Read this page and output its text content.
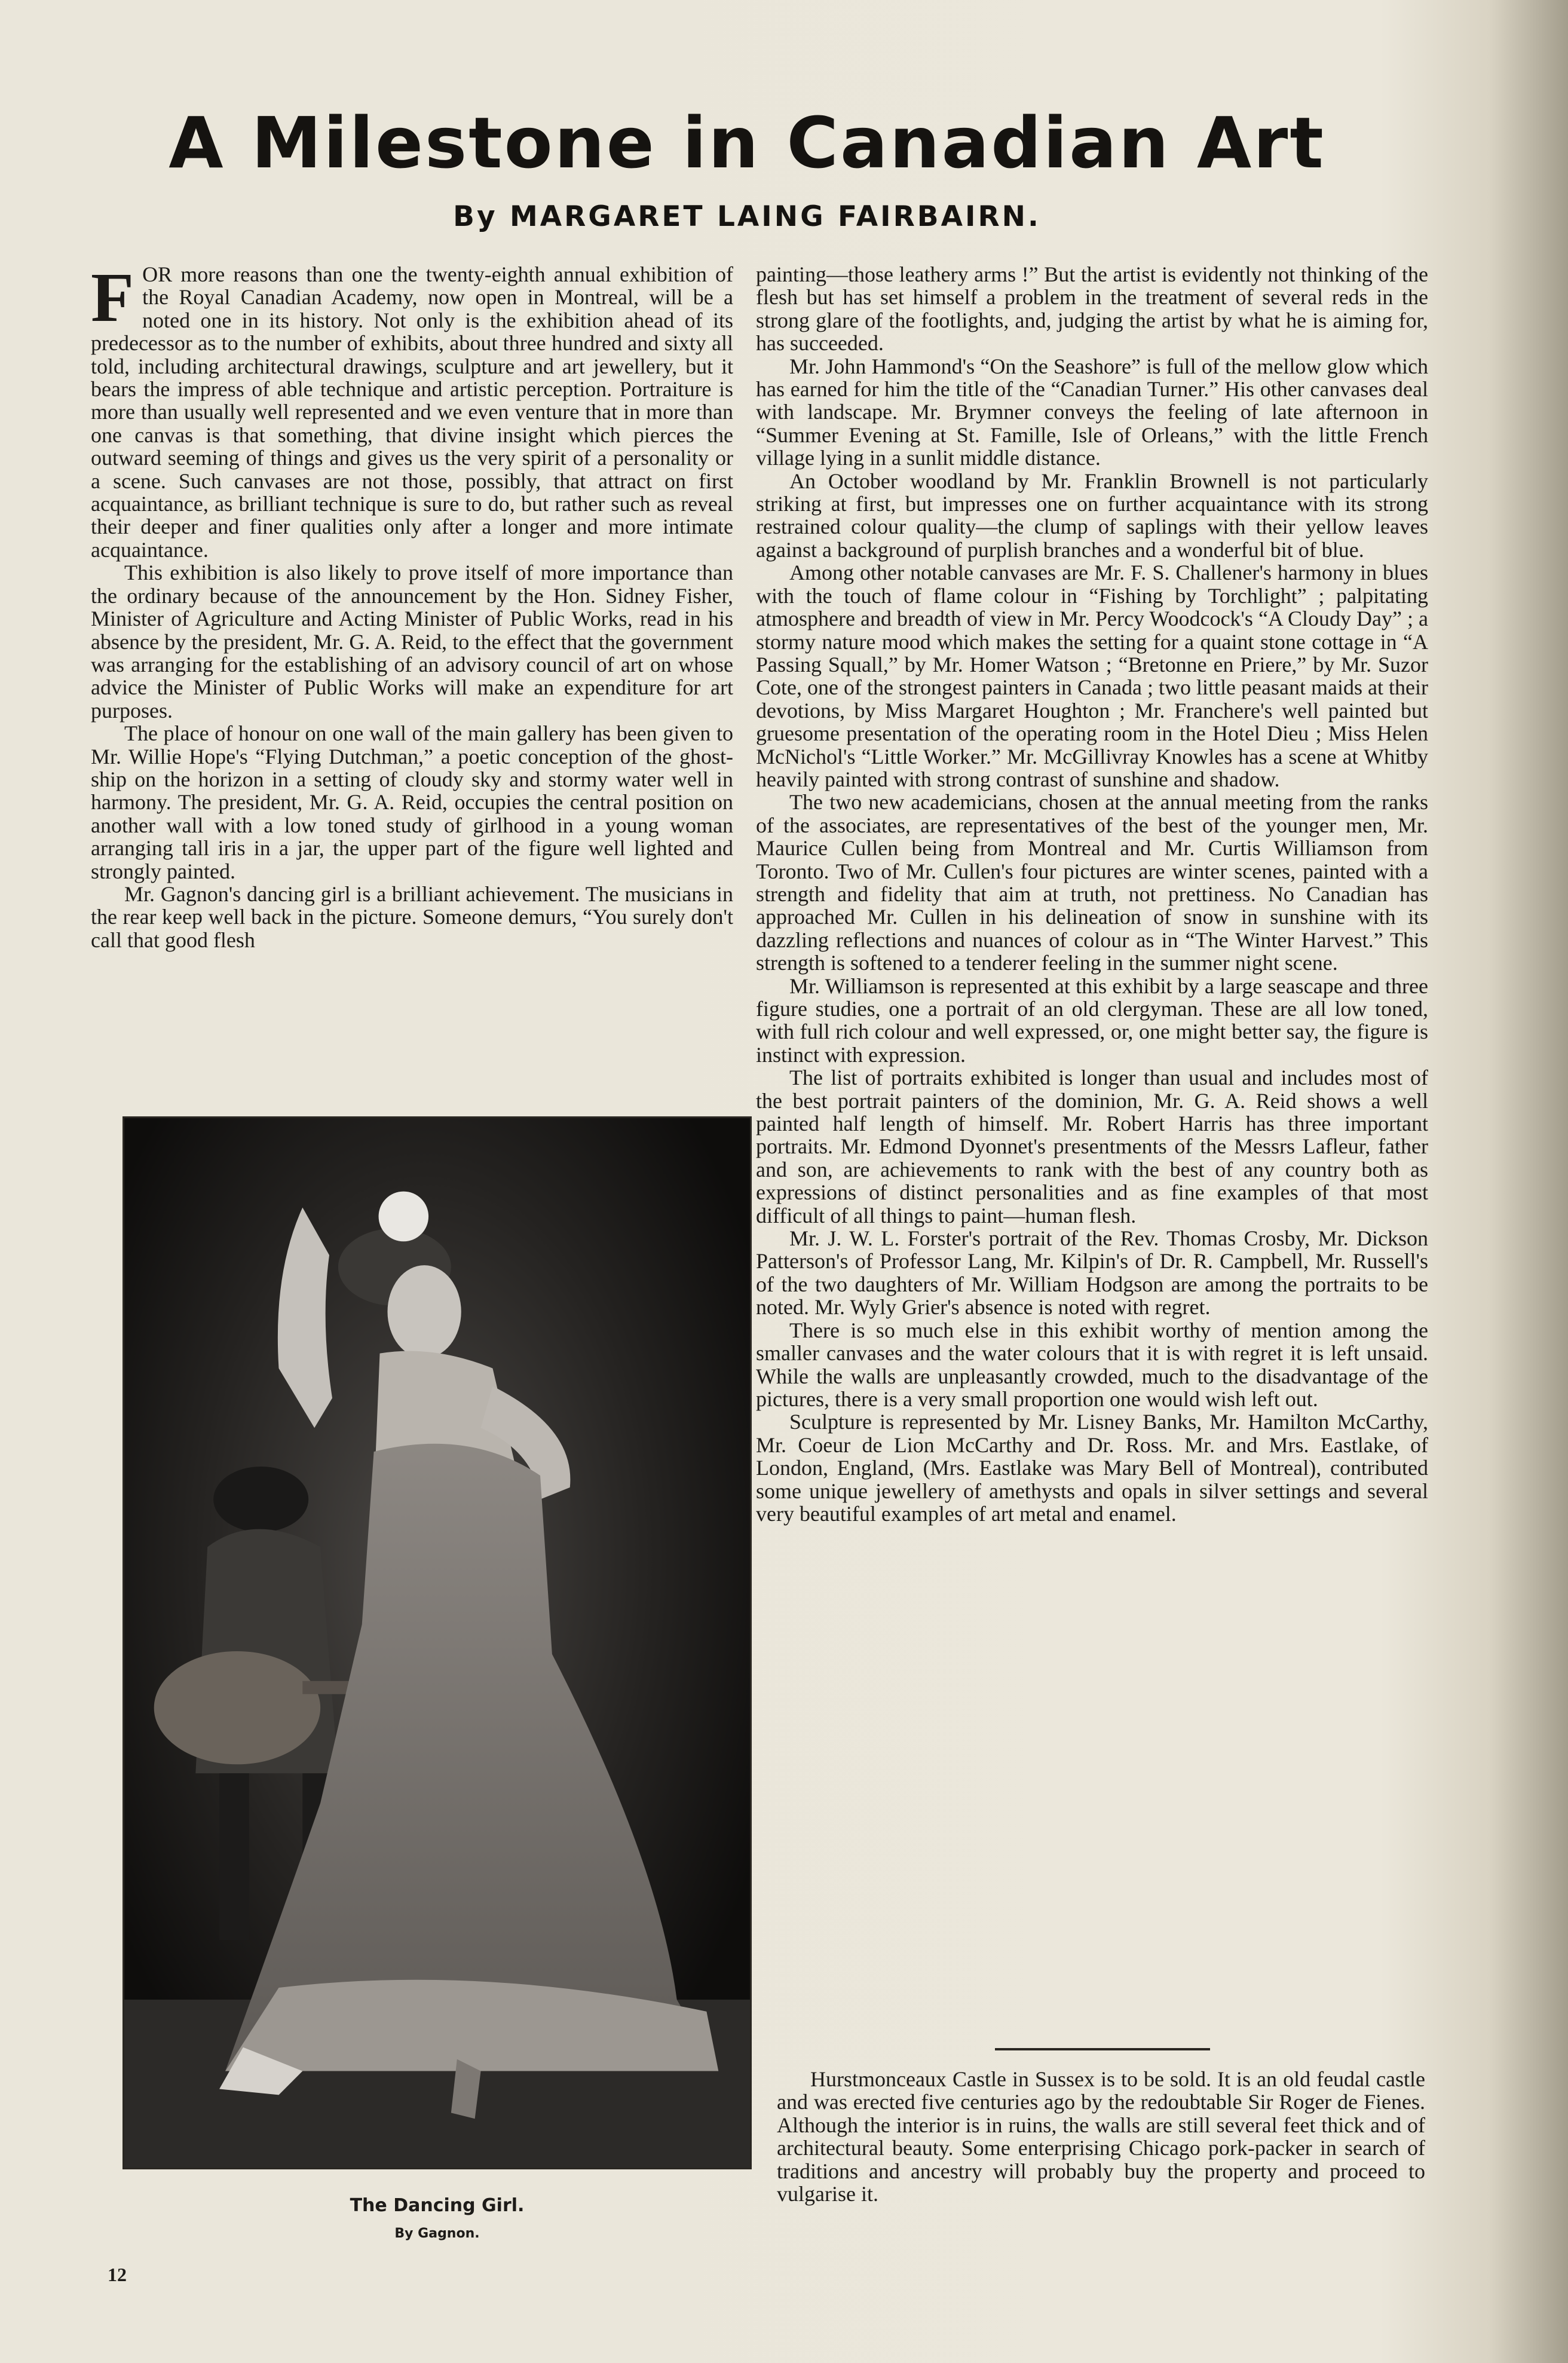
A Milestone in Canadian Art
By MARGARET LAING FAIRBAIRN.

FOR more reasons than one the twenty-eighth annual exhibition of the Royal Canadian Academy, now open in Montreal, will be a noted one in its history. Not only is the exhibition ahead of its predecessor as to the number of exhibits, about three hundred and sixty all told, including architectural drawings, sculpture and art jewellery, but it bears the impress of able technique and artistic perception. Portraiture is more than usually well represented and we even venture that in more than one canvas is that something, that divine insight which pierces the outward seeming of things and gives us the very spirit of a personality or a scene. Such canvases are not those, possibly, that attract on first acquaintance, as brilliant technique is sure to do, but rather such as reveal their deeper and finer qualities only after a longer and more intimate acquaintance.

This exhibition is also likely to prove itself of more importance than the ordinary because of the announcement by the Hon. Sidney Fisher, Minister of Agriculture and Acting Minister of Public Works, read in his absence by the president, Mr. G. A. Reid, to the effect that the government was arranging for the establishing of an advisory council of art on whose advice the Minister of Public Works will make an expenditure for art purposes.

The place of honour on one wall of the main gallery has been given to Mr. Willie Hope's “Flying Dutchman,” a poetic conception of the ghost-ship on the horizon in a setting of cloudy sky and stormy water well in harmony. The president, Mr. G. A. Reid, occupies the central position on another wall with a low toned study of girlhood in a young woman arranging tall iris in a jar, the upper part of the figure well lighted and strongly painted.

Mr. Gagnon's dancing girl is a brilliant achievement. The musicians in the rear keep well back in the picture. Someone demurs, “You surely don't call that good flesh

The Dancing Girl.
By Gagnon.

painting—those leathery arms !” But the artist is evidently not thinking of the flesh but has set himself a problem in the treatment of several reds in the strong glare of the footlights, and, judging the artist by what he is aiming for, has succeeded.

Mr. John Hammond's “On the Seashore” is full of the mellow glow which has earned for him the title of the “Canadian Turner.” His other canvases deal with landscape. Mr. Brymner conveys the feeling of late afternoon in “Summer Evening at St. Famille, Isle of Orleans,” with the little French village lying in a sunlit middle distance.

An October woodland by Mr. Franklin Brownell is not particularly striking at first, but impresses one on further acquaintance with its strong restrained colour quality—the clump of saplings with their yellow leaves against a background of purplish branches and a wonderful bit of blue.

Among other notable canvases are Mr. F. S. Challener's harmony in blues with the touch of flame colour in “Fishing by Torchlight” ; palpitating atmosphere and breadth of view in Mr. Percy Woodcock's “A Cloudy Day” ; a stormy nature mood which makes the setting for a quaint stone cottage in “A Passing Squall,” by Mr. Homer Watson ; “Bretonne en Priere,” by Mr. Suzor Cote, one of the strongest painters in Canada ; two little peasant maids at their devotions, by Miss Margaret Houghton ; Mr. Franchere's well painted but gruesome presentation of the operating room in the Hotel Dieu ; Miss Helen McNichol's “Little Worker.” Mr. McGillivray Knowles has a scene at Whitby heavily painted with strong contrast of sunshine and shadow.

The two new academicians, chosen at the annual meeting from the ranks of the associates, are representatives of the best of the younger men, Mr. Maurice Cullen being from Montreal and Mr. Curtis Williamson from Toronto. Two of Mr. Cullen's four pictures are winter scenes, painted with a strength and fidelity that aim at truth, not prettiness. No Canadian has approached Mr. Cullen in his delineation of snow in sunshine with its dazzling reflections and nuances of colour as in “The Winter Harvest.” This strength is softened to a tenderer feeling in the summer night scene.

Mr. Williamson is represented at this exhibit by a large seascape and three figure studies, one a portrait of an old clergyman. These are all low toned, with full rich colour and well expressed, or, one might better say, the figure is instinct with expression.

The list of portraits exhibited is longer than usual and includes most of the best portrait painters of the dominion, Mr. G. A. Reid shows a well painted half length of himself. Mr. Robert Harris has three important portraits. Mr. Edmond Dyonnet's presentments of the Messrs Lafleur, father and son, are achievements to rank with the best of any country both as expressions of distinct personalities and as fine examples of that most difficult of all things to paint—human flesh.

Mr. J. W. L. Forster's portrait of the Rev. Thomas Crosby, Mr. Dickson Patterson's of Professor Lang, Mr. Kilpin's of Dr. R. Campbell, Mr. Russell's of the two daughters of Mr. William Hodgson are among the portraits to be noted. Mr. Wyly Grier's absence is noted with regret.

There is so much else in this exhibit worthy of mention among the smaller canvases and the water colours that it is with regret it is left unsaid. While the walls are unpleasantly crowded, much to the disadvantage of the pictures, there is a very small proportion one would wish left out.

Sculpture is represented by Mr. Lisney Banks, Mr. Hamilton McCarthy, Mr. Coeur de Lion McCarthy and Dr. Ross. Mr. and Mrs. Eastlake, of London, England, (Mrs. Eastlake was Mary Bell of Montreal), contributed some unique jewellery of amethysts and opals in silver settings and several very beautiful examples of art metal and enamel.

Hurstmonceaux Castle in Sussex is to be sold. It is an old feudal castle and was erected five centuries ago by the redoubtable Sir Roger de Fienes. Although the interior is in ruins, the walls are still several feet thick and of architectural beauty. Some enterprising Chicago pork-packer in search of traditions and ancestry will probably buy the property and proceed to vulgarise it.

12
